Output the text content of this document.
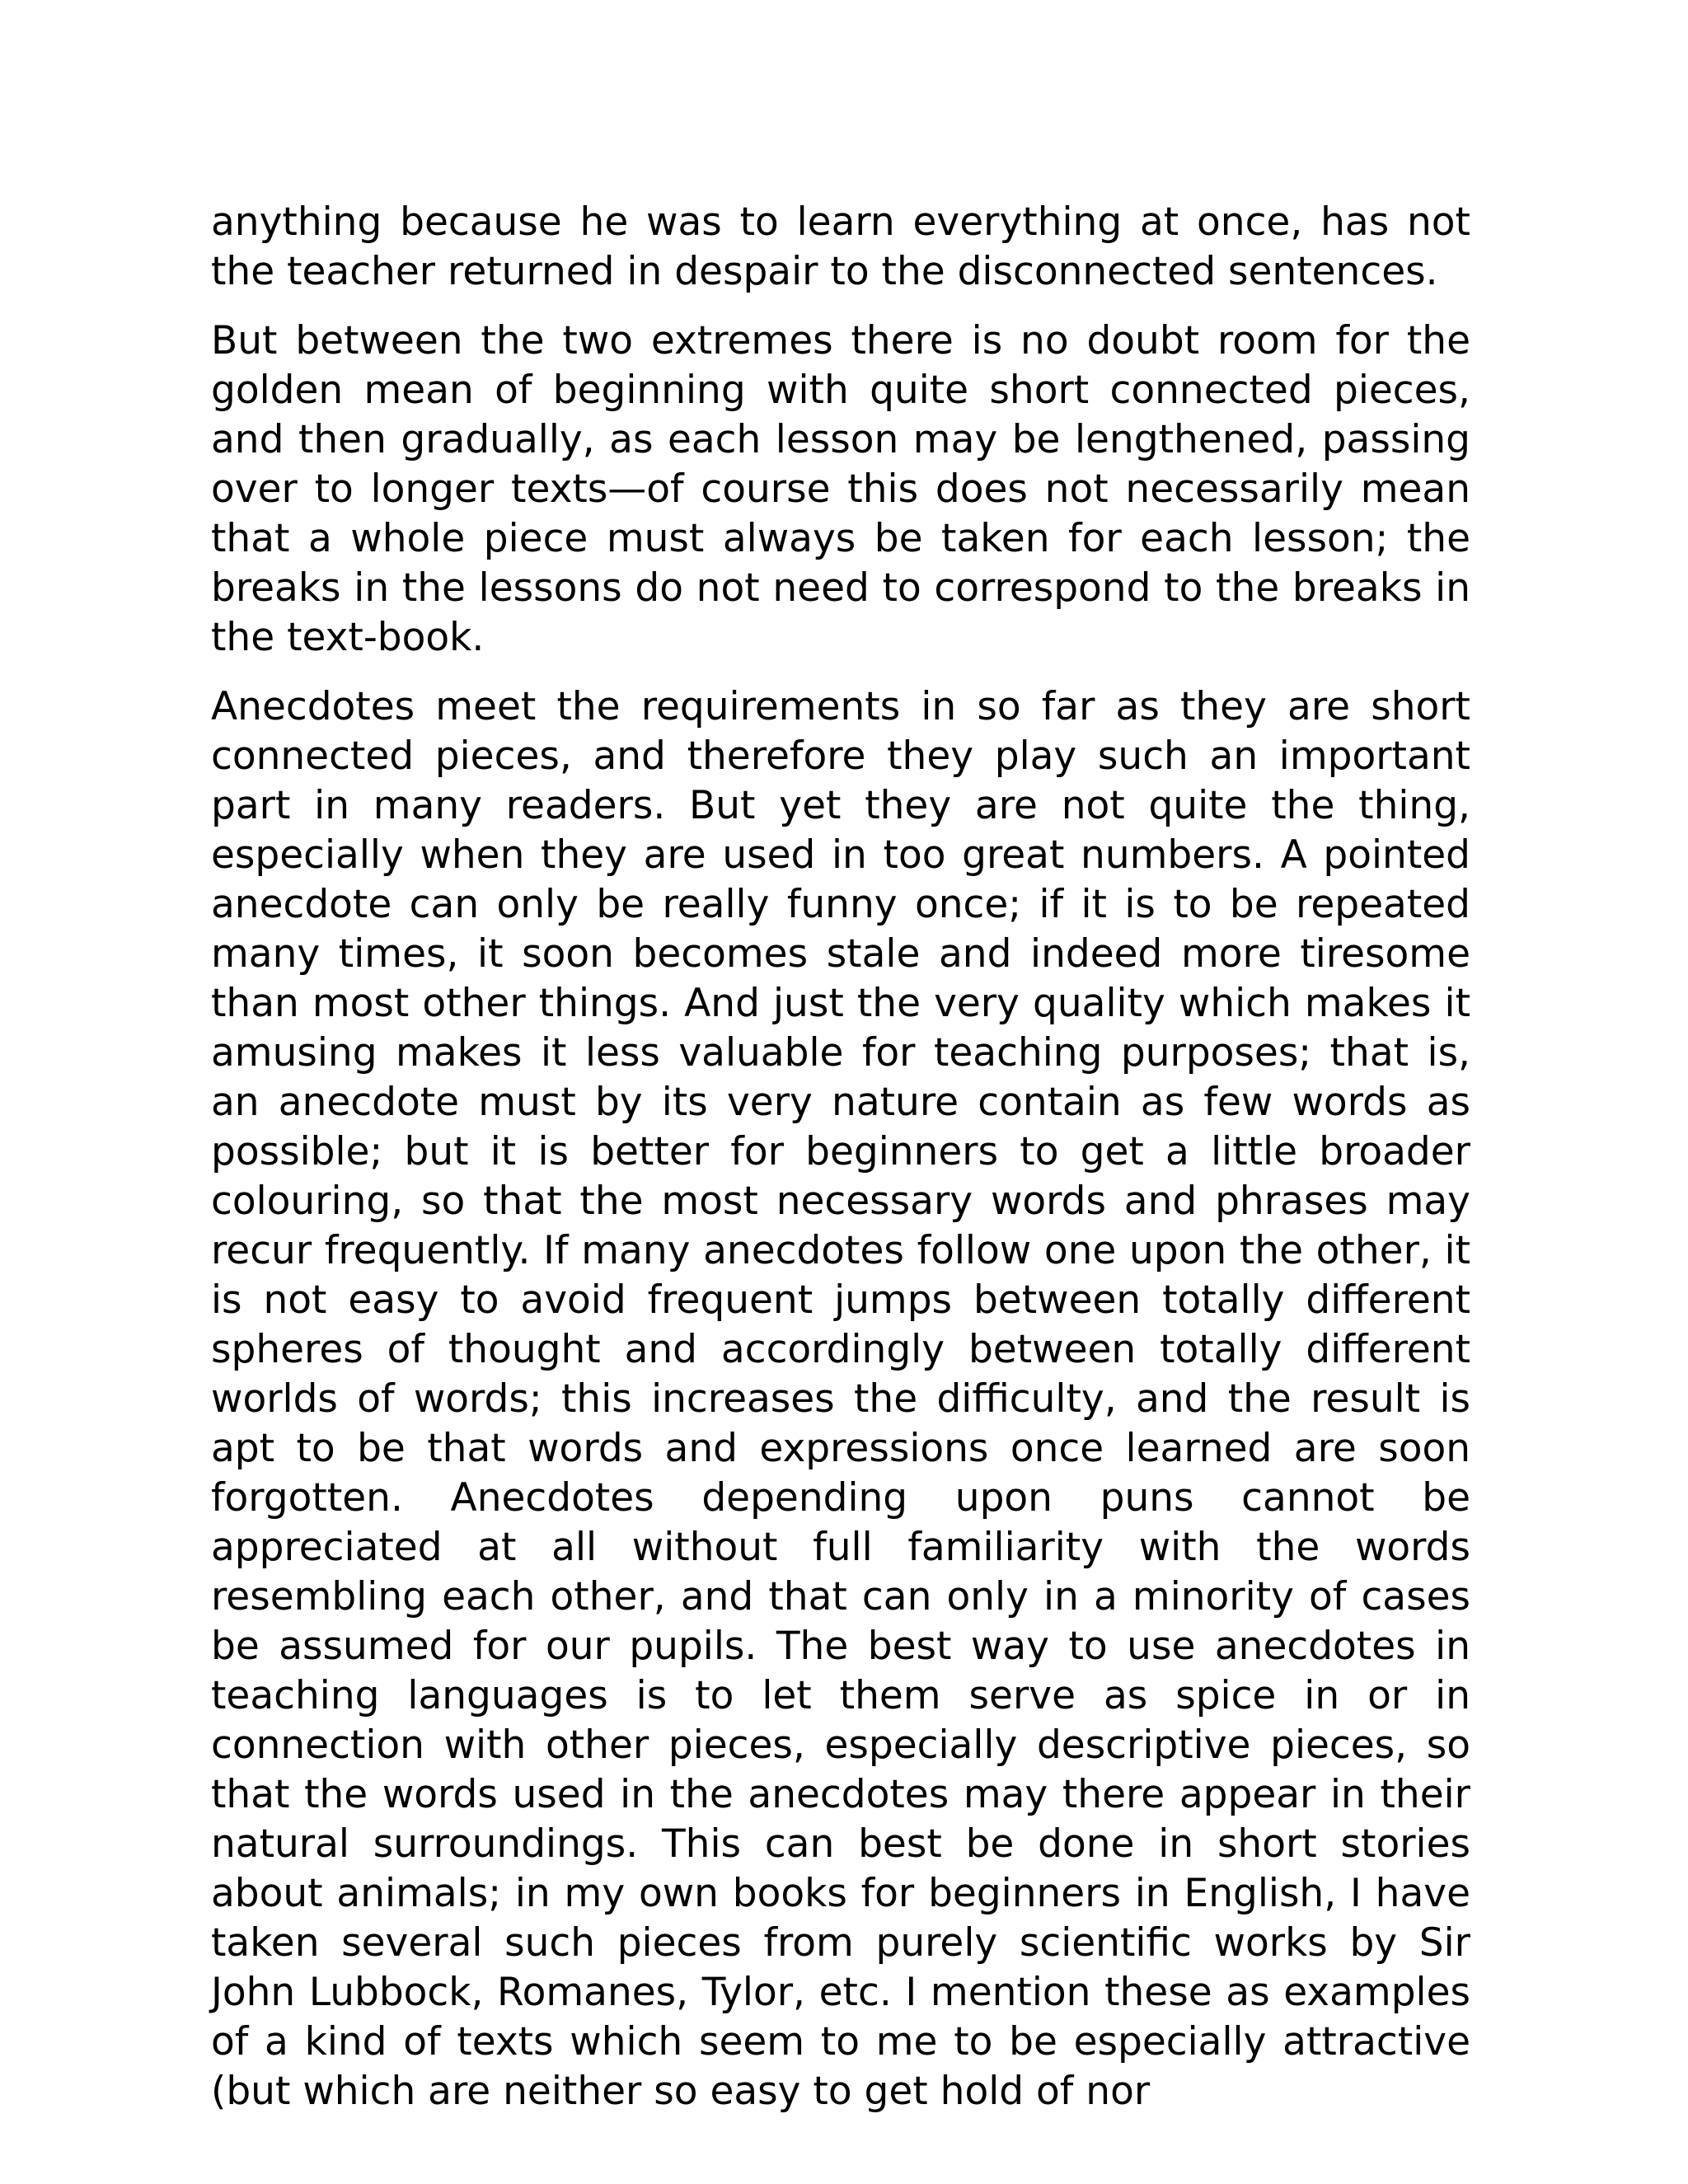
anything because he was to learn everything at once, has not the teacher returned in despair to the disconnected sentences.

But between the two extremes there is no doubt room for the golden mean of beginning with quite short connected pieces, and then gradually, as each lesson may be lengthened, passing over to longer texts—of course this does not necessarily mean that a whole piece must always be taken for each lesson; the breaks in the lessons do not need to correspond to the breaks in the text-book.

Anecdotes meet the requirements in so far as they are short connected pieces, and therefore they play such an important part in many readers. But yet they are not quite the thing, especially when they are used in too great numbers. A pointed anecdote can only be really funny once; if it is to be repeated many times, it soon becomes stale and indeed more tiresome than most other things. And just the very quality which makes it amusing makes it less valuable for teaching purposes; that is, an anecdote must by its very nature contain as few words as possible; but it is better for beginners to get a little broader colouring, so that the most necessary words and phrases may recur frequently. If many anecdotes follow one upon the other, it is not easy to avoid frequent jumps between totally different spheres of thought and accordingly between totally different worlds of words; this increases the difficulty, and the result is apt to be that words and expressions once learned are soon forgotten. Anecdotes depending upon puns cannot be appreciated at all without full familiarity with the words resembling each other, and that can only in a minority of cases be assumed for our pupils. The best way to use anecdotes in teaching languages is to let them serve as spice in or in connection with other pieces, especially descriptive pieces, so that the words used in the anecdotes may there appear in their natural surroundings. This can best be done in short stories about animals; in my own books for beginners in English, I have taken several such pieces from purely scientific works by Sir John Lubbock, Romanes, Tylor, etc. I mention these as examples of a kind of texts which seem to me to be especially attractive (but which are neither so easy to get hold of nor
